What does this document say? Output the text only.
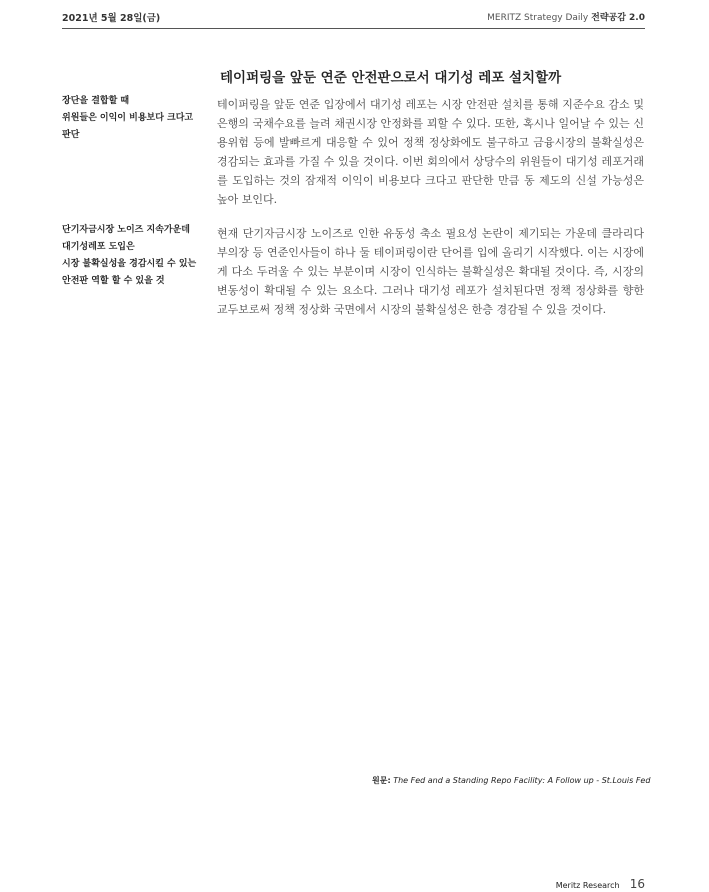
2021년 5월 28일(금)	MERITZ Strategy Daily 전략공감 2.0
테이퍼링을 앞둔 연준 안전판으로서 대기성 레포 설치할까
장단을 결합할 때
위원들은 이익이 비용보다 크다고
판단
테이퍼링을 앞둔 연준 입장에서 대기성 레포는 시장 안전판 설치를 통해 지준수요 감소 및 은행의 국채수요를 늘려 채권시장 안정화를 꾀할 수 있다. 또한, 혹시나 일어날 수 있는 신용위험 등에 발빠르게 대응할 수 있어 정책 정상화에도 불구하고 금융시장의 불확실성은 경감되는 효과를 가질 수 있을 것이다. 이번 회의에서 상당수의 위원들이 대기성 레포거래를 도입하는 것의 잠재적 이익이 비용보다 크다고 판단한 만큼 동 제도의 신설 가능성은 높아 보인다.
단기자금시장 노이즈 지속가운데
대기성레포 도입은
시장 불확실성을 경감시킬 수 있는
안전판 역할 할 수 있을 것
현재 단기자금시장 노이즈로 인한 유동성 축소 필요성 논란이 제기되는 가운데 클라리다 부의장 등 연준인사들이 하나 둘 테이퍼링이란 단어를 입에 올리기 시작했다. 이는 시장에게 다소 두려울 수 있는 부분이며 시장이 인식하는 불확실성은 확대될 것이다. 즉, 시장의 변동성이 확대될 수 있는 요소다. 그러나 대기성 레포가 설치된다면 정책 정상화를 향한 교두보로써 정책 정상화 국면에서 시장의 불확실성은 한층 경감될 수 있을 것이다.
원문: The Fed and a Standing Repo Facility: A Follow up - St.Louis Fed
Meritz Research 16
